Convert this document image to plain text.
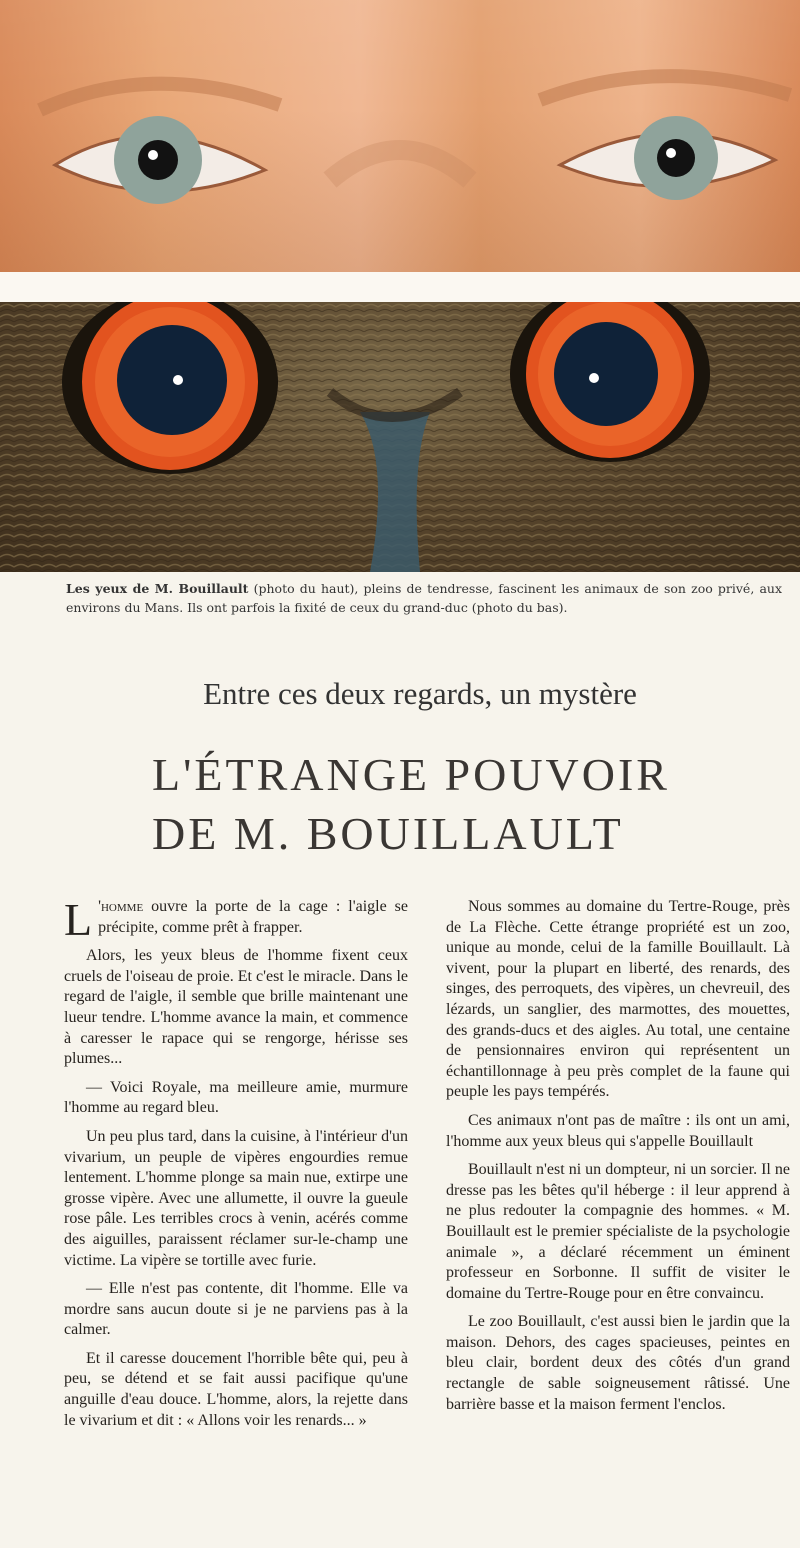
Les yeux de M. Bouillault (photo du haut), pleins de tendresse, fascinent les animaux de son zoo privé, aux environs du Mans. Ils ont parfois la fixité de ceux du grand-duc (photo du bas).
Entre ces deux regards, un mystère
L'ÉTRANGE POUVOIR
DE M. BOUILLAULT

L 'homme ouvre la porte de la cage : l'aigle se précipite, comme prêt à frapper.

Alors, les yeux bleus de l'homme fixent ceux cruels de l'oiseau de proie. Et c'est le miracle. Dans le regard de l'aigle, il semble que brille maintenant une lueur tendre. L'homme avance la main, et commence à caresser le rapace qui se rengorge, hérisse ses plumes...

— Voici Royale, ma meilleure amie, murmure l'homme au regard bleu.

Un peu plus tard, dans la cuisine, à l'intérieur d'un vivarium, un peuple de vipères engourdies remue lentement. L'homme plonge sa main nue, extirpe une grosse vipère. Avec une allumette, il ouvre la gueule rose pâle. Les terribles crocs à venin, acérés comme des aiguilles, paraissent réclamer sur-le-champ une victime. La vipère se tortille avec furie.

— Elle n'est pas contente, dit l'homme. Elle va mordre sans aucun doute si je ne parviens pas à la calmer.

Et il caresse doucement l'horrible bête qui, peu à peu, se détend et se fait aussi pacifique qu'une anguille d'eau douce. L'homme, alors, la rejette dans le vivarium et dit : « Allons voir les renards... »

Nous sommes au domaine du Tertre-Rouge, près de La Flèche. Cette étrange propriété est un zoo, unique au monde, celui de la famille Bouillault. Là vivent, pour la plupart en liberté, des renards, des singes, des perroquets, des vipères, un chevreuil, des lézards, un sanglier, des marmottes, des mouettes, des grands-ducs et des aigles. Au total, une centaine de pensionnaires environ qui représentent un échantillonnage à peu près complet de la faune qui peuple les pays tempérés.

Ces animaux n'ont pas de maître : ils ont un ami, l'homme aux yeux bleus qui s'appelle Bouillault

Bouillault n'est ni un dompteur, ni un sorcier. Il ne dresse pas les bêtes qu'il héberge : il leur apprend à ne plus redouter la compagnie des hommes. « M. Bouillault est le premier spécialiste de la psychologie animale », a déclaré récemment un éminent professeur en Sorbonne. Il suffit de visiter le domaine du Tertre-Rouge pour en être convaincu.

Le zoo Bouillault, c'est aussi bien le jardin que la maison. Dehors, des cages spacieuses, peintes en bleu clair, bordent deux des côtés d'un grand rectangle de sable soigneusement râtissé. Une barrière basse et la maison ferment l'enclos.
